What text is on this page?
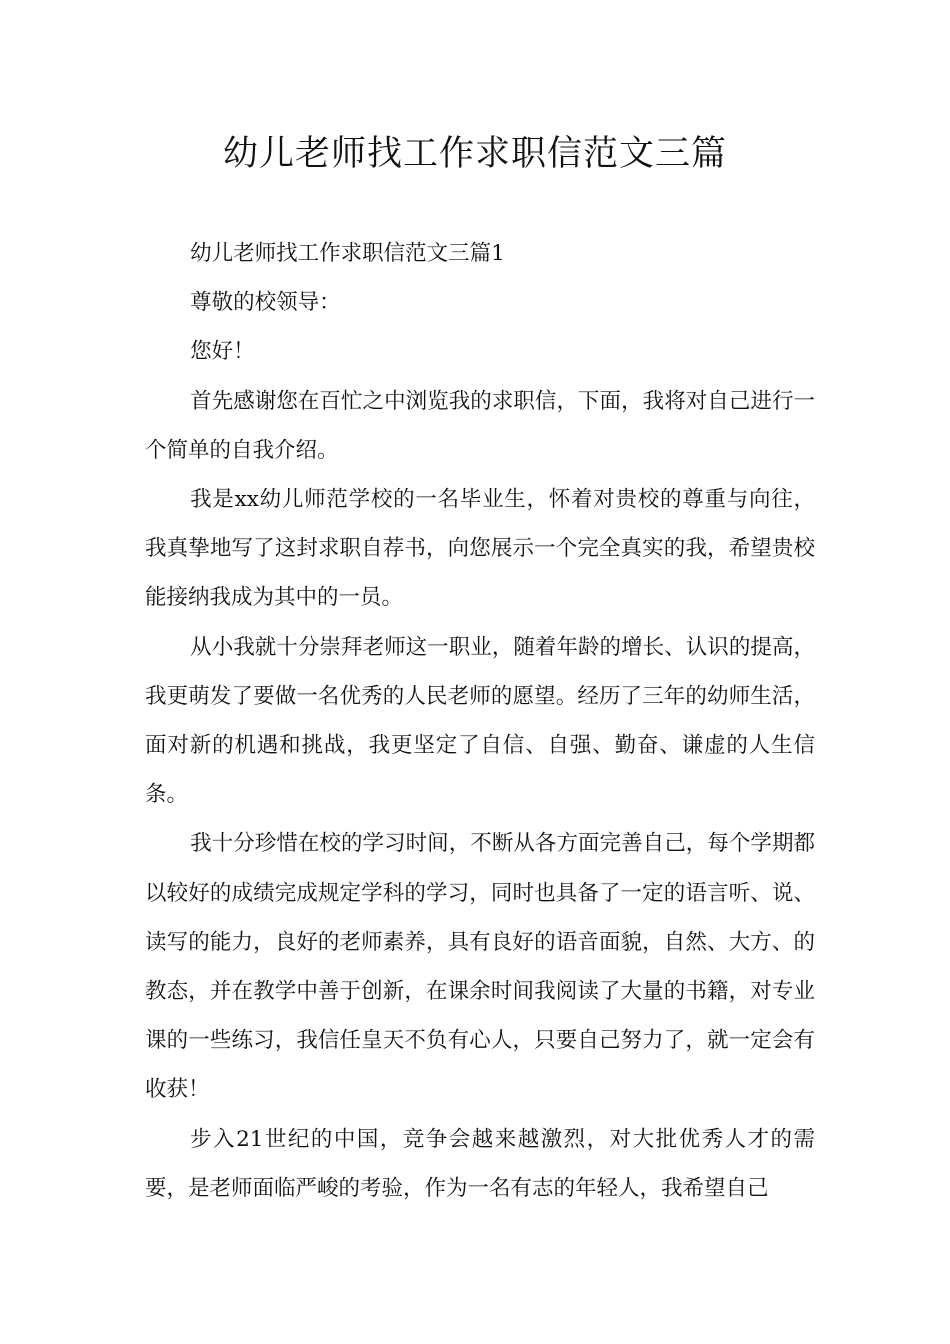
幼儿老师找工作求职信范文三篇

幼儿老师找工作求职信范文三篇1

尊敬的校领导：

您好！

首先感谢您在百忙之中浏览我的求职信，下面，我将对自己进行一个简单的自我介绍。

我是xx幼儿师范学校的一名毕业生，怀着对贵校的尊重与向往，我真挚地写了这封求职自荐书，向您展示一个完全真实的我，希望贵校能接纳我成为其中的一员。

从小我就十分崇拜老师这一职业，随着年龄的增长、认识的提高，我更萌发了要做一名优秀的人民老师的愿望。经历了三年的幼师生活，面对新的机遇和挑战，我更坚定了自信、自强、勤奋、谦虚的人生信条。

我十分珍惜在校的学习时间，不断从各方面完善自己，每个学期都以较好的成绩完成规定学科的学习，同时也具备了一定的语言听、说、读写的能力，良好的老师素养，具有良好的语音面貌，自然、大方、的教态，并在教学中善于创新，在课余时间我阅读了大量的书籍，对专业课的一些练习，我信任皇天不负有心人，只要自己努力了，就一定会有收获！

步入21世纪的中国，竞争会越来越激烈，对大批优秀人才的需要，是老师面临严峻的考验，作为一名有志的年轻人，我希望自己
